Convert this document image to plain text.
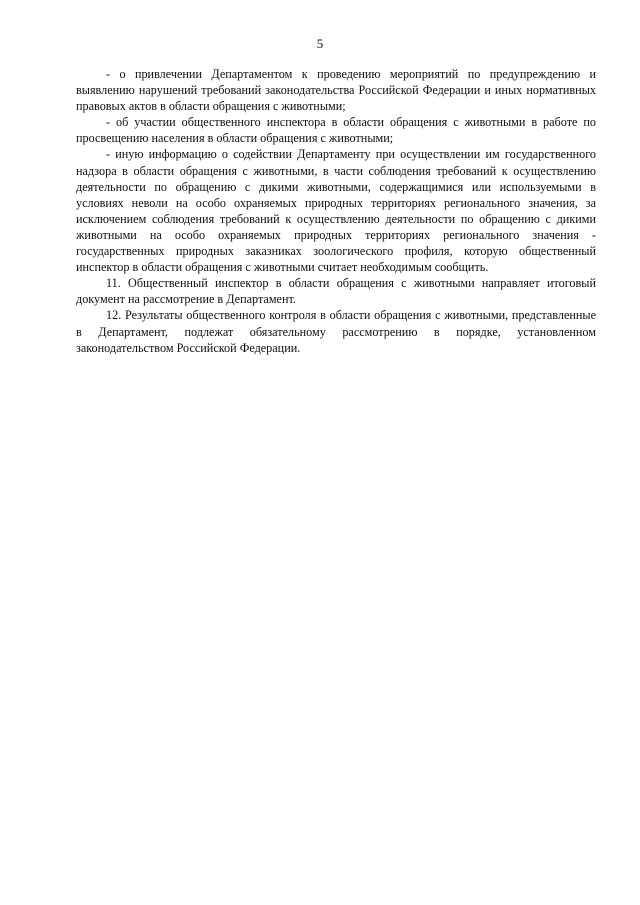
5

- о привлечении Департаментом к проведению мероприятий по предупреждению и выявлению нарушений требований законодательства Российской Федерации и иных нормативных правовых актов в области обращения с животными;

- об участии общественного инспектора в области обращения с животными в работе по просвещению населения в области обращения с животными;

- иную информацию о содействии Департаменту при осуществлении им государственного надзора в области обращения с животными, в части соблюдения требований к осуществлению деятельности по обращению с дикими животными, содержащимися или используемыми в условиях неволи на особо охраняемых природных территориях регионального значения, за исключением соблюдения требований к осуществлению деятельности по обращению с дикими животными на особо охраняемых природных территориях регионального значения - государственных природных заказниках зоологического профиля, которую общественный инспектор в области обращения с животными считает необходимым сообщить.

11. Общественный инспектор в области обращения с животными направляет итоговый документ на рассмотрение в Департамент.

12. Результаты общественного контроля в области обращения с животными, представленные в Департамент, подлежат обязательному рассмотрению в порядке, установленном законодательством Российской Федерации.
